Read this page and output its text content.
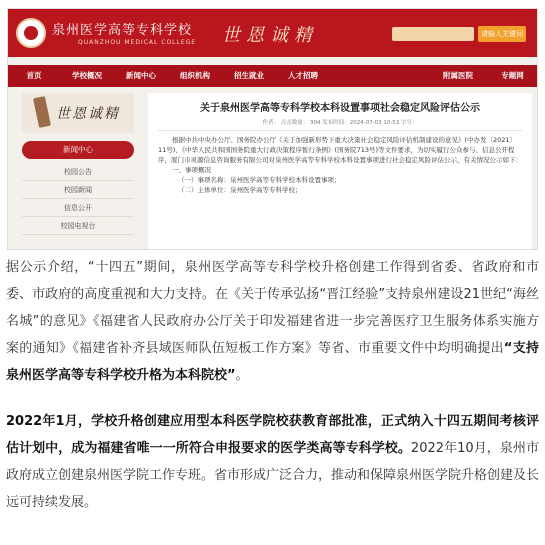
泉州医学高等专科学校
QUANZHOU MEDICAL COLLEGE 世恩诚精	请输入关键词
首页	学校概况	新闻中心	组织机构	招生就业	人才招聘	附属医院	专题网
世恩诚精
新闻中心
校园公告
校园新闻
信息公开
校园电视台
关于泉州医学高等专科学校本科设置事项社会稳定风险评估公示
作者： 点击数量： 304 发布时间：2024-07-03 10:53 字号：
根据中共中央办公厅、国务院办公厅《关于加强新形势下重大决策社会稳定风险评估机制建设的意见》(中办发〔2021〕11号)、《中华人民共和国国务院重大行政决策程序暂行条例》(国务院713号)等文件要求，为切实履行公众参与、信息公开程序，厦门市灵源信息咨询服务有限公司对泉州医学高等专科学校本科设置事项进行社会稳定风险评估公示，有关情况公示如下：
一、事项概况
（一）事项名称：泉州医学高等专科学校本科设置事项；
（二）主体单位：泉州医学高等专科学校；

据公示介绍，“十四五”期间，泉州医学高等专科学校升格创建工作得到省委、省政府和市委、市政府的高度重视和大力支持。在《关于传承弘扬“晋江经验”支持泉州建设21世纪“海丝名城”的意见》《福建省人民政府办公厅关于印发福建省进一步完善医疗卫生服务体系实施方案的通知》《福建省补齐县域医师队伍短板工作方案》等省、市重要文件中均明确提出“支持泉州医学高等专科学校升格为本科院校”。

2022年1月，学校升格创建应用型本科医学院校获教育部批准，正式纳入十四五期间考核评估计划中，成为福建省唯一一所符合申报要求的医学类高等专科学校。2022年10月，泉州市政府成立创建泉州医学院工作专班。省市形成广泛合力，推动和保障泉州医学院升格创建及长远可持续发展。
